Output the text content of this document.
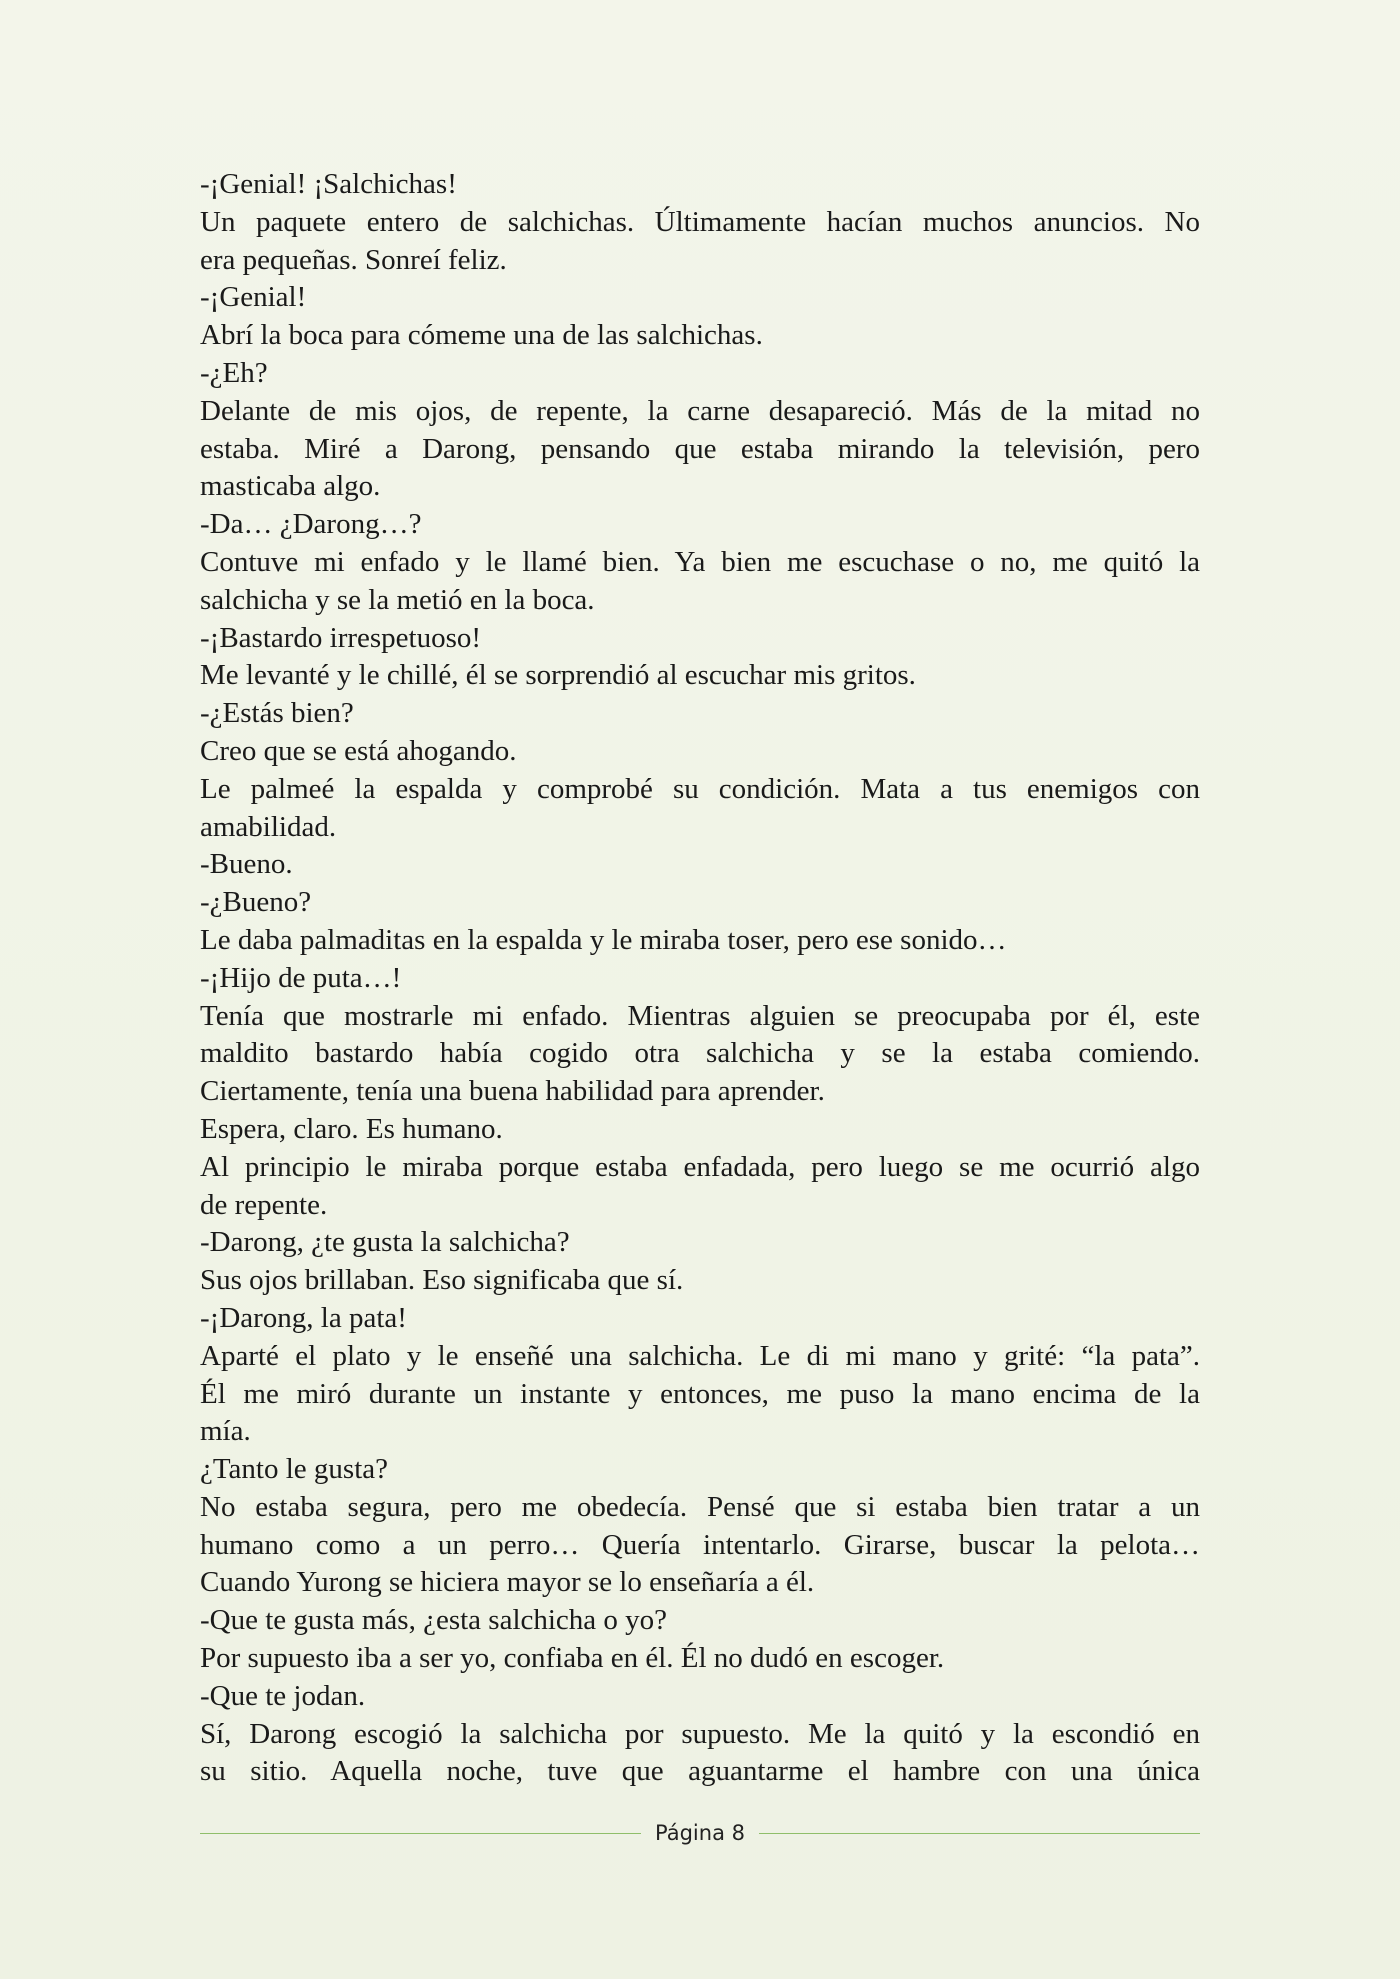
-¡Genial! ¡Salchichas!
Un paquete entero de salchichas. Últimamente hacían muchos anuncios. No
era pequeñas. Sonreí feliz.
-¡Genial!
Abrí la boca para cómeme una de las salchichas.
-¿Eh?
Delante de mis ojos, de repente, la carne desapareció. Más de la mitad no
estaba. Miré a Darong, pensando que estaba mirando la televisión, pero
masticaba algo.
-Da… ¿Darong…?
Contuve mi enfado y le llamé bien. Ya bien me escuchase o no, me quitó la
salchicha y se la metió en la boca.
-¡Bastardo irrespetuoso!
Me levanté y le chillé, él se sorprendió al escuchar mis gritos.
-¿Estás bien?
Creo que se está ahogando.
Le palmeé la espalda y comprobé su condición. Mata a tus enemigos con
amabilidad.
-Bueno.
-¿Bueno?
Le daba palmaditas en la espalda y le miraba toser, pero ese sonido…
-¡Hijo de puta…!
Tenía que mostrarle mi enfado. Mientras alguien se preocupaba por él, este
maldito bastardo había cogido otra salchicha y se la estaba comiendo.
Ciertamente, tenía una buena habilidad para aprender.
Espera, claro. Es humano.
Al principio le miraba porque estaba enfadada, pero luego se me ocurrió algo
de repente.
-Darong, ¿te gusta la salchicha?
Sus ojos brillaban. Eso significaba que sí.
-¡Darong, la pata!
Aparté el plato y le enseñé una salchicha. Le di mi mano y grité: “la pata”.
Él me miró durante un instante y entonces, me puso la mano encima de la
mía.
¿Tanto le gusta?
No estaba segura, pero me obedecía. Pensé que si estaba bien tratar a un
humano como a un perro… Quería intentarlo. Girarse, buscar la pelota…
Cuando Yurong se hiciera mayor se lo enseñaría a él.
-Que te gusta más, ¿esta salchicha o yo?
Por supuesto iba a ser yo, confiaba en él. Él no dudó en escoger.
-Que te jodan.
Sí, Darong escogió la salchicha por supuesto. Me la quitó y la escondió en
su sitio. Aquella noche, tuve que aguantarme el hambre con una única
Página 8
